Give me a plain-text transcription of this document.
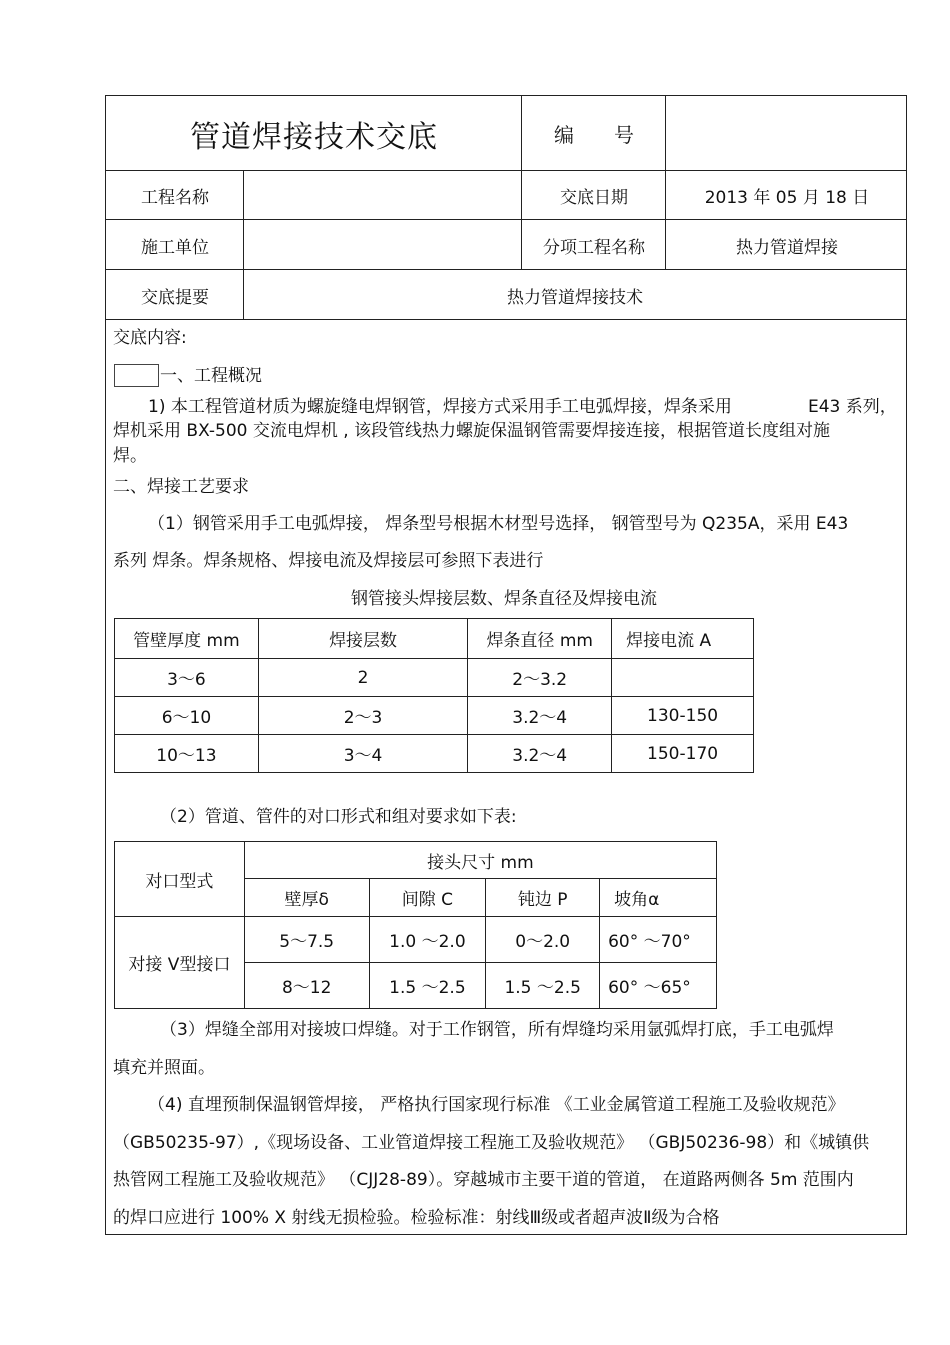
管道焊接技术交底	编 号
工程名称	交底日期	2013 年 05 月 18 日
施工单位	分项工程名称	热力管道焊接
交底提要	热力管道焊接技术
交底内容:
一、工程概况
1) 本工程管道材质为螺旋缝电焊钢管，焊接方式采用手工电弧焊接，焊条采用	E43 系列，
焊机采用 BX-500 交流电焊机 , 该段管线热力螺旋保温钢管需要焊接连接，根据管道长度组对施
焊。
二、焊接工艺要求
（1）钢管采用手工电弧焊接， 焊条型号根据木材型号选择， 钢管型号为 Q235A，采用 E43
系列 焊条。焊条规格、焊接电流及焊接层可参照下表进行
钢管接头焊接层数、焊条直径及焊接电流
管壁厚度 mm	焊接层数	焊条直径 mm	焊接电流 A
3～6	2	2～3.2	
6～10	2～3	3.2～4	130-150
10～13	3～4	3.2～4	150-170
（2）管道、管件的对口形式和组对要求如下表:
对口型式	接头尺寸 mm			
	壁厚δ	间隙 C	钝边 P	坡角α
对接 V型接口	5～7.5	1.0 ～2.0	0～2.0	60° ～70°
	8～12	1.5 ～2.5	1.5 ～2.5	60° ～65°
（3）焊缝全部用对接坡口焊缝。对于工作钢管，所有焊缝均采用氩弧焊打底，手工电弧焊
填充并照面。
（4) 直埋预制保温钢管焊接， 严格执行国家现行标准 《工业金属管道工程施工及验收规范》
（GB50235-97）,《现场设备、工业管道焊接工程施工及验收规范》 （GBJ50236-98）和《城镇供
热管网工程施工及验收规范》 （CJJ28-89）。穿越城市主要干道的管道， 在道路两侧各 5m 范围内
的焊口应进行 100% X 射线无损检验。检验标准：射线Ⅲ级或者超声波Ⅱ级为合格
